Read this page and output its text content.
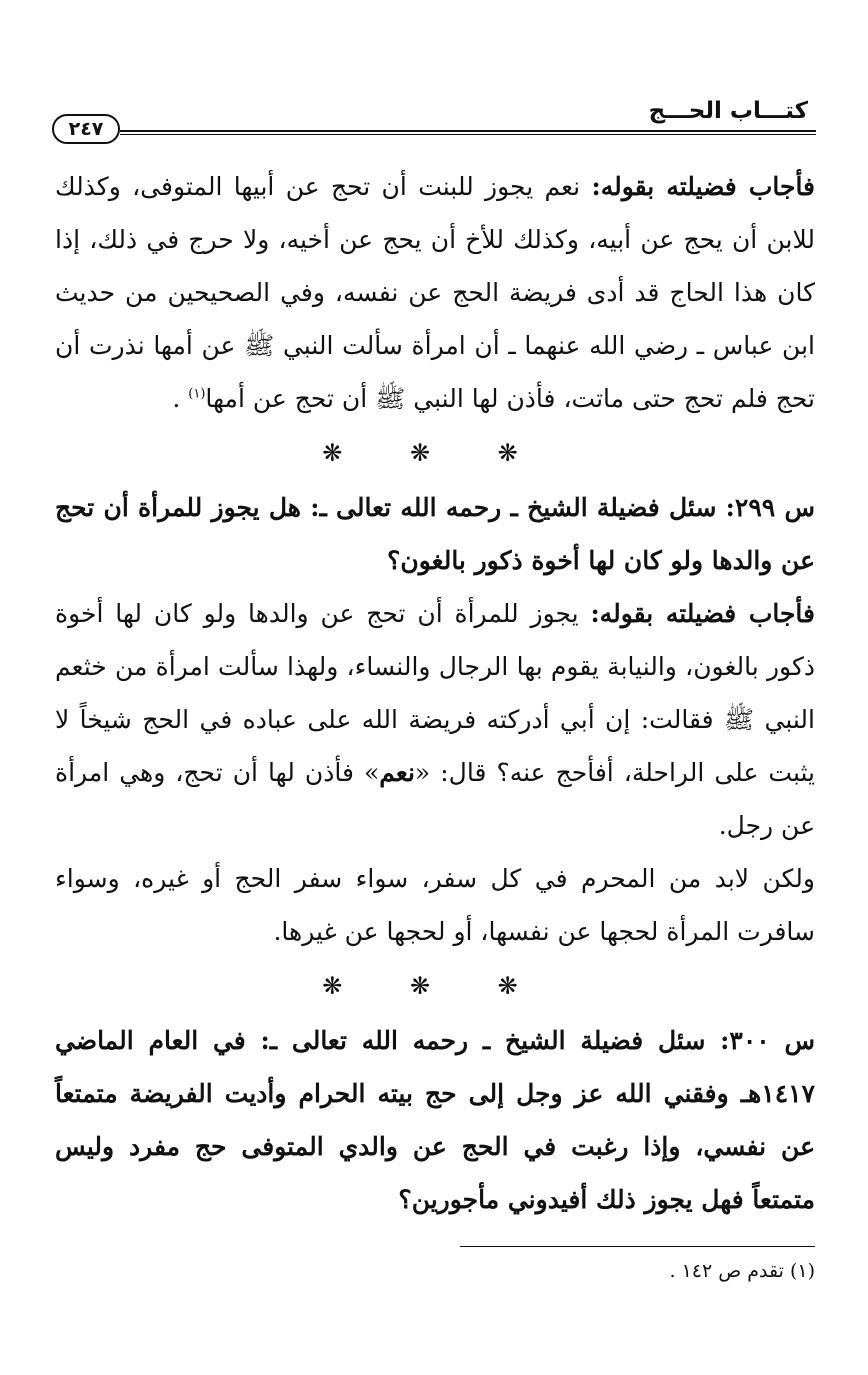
كتـــاب الحـــج
٢٤٧

فأجاب فضيلته بقوله: نعم يجوز للبنت أن تحج عن أبيها المتوفى، وكذلك للابن أن يحج عن أبيه، وكذلك للأخ أن يحج عن أخيه، ولا حرج في ذلك، إذا كان هذا الحاج قد أدى فريضة الحج عن نفسه، وفي الصحيحين من حديث ابن عباس ـ رضي الله عنهما ـ أن امرأة سألت النبي ﷺ عن أمها نذرت أن تحج فلم تحج حتى ماتت، فأذن لها النبي ﷺ أن تحج عن أمها$^{(١)}$ .

❋ ❋ ❋

س ٢٩٩: سئل فضيلة الشيخ ـ رحمه الله تعالى ـ: هل يجوز للمرأة أن تحج عن والدها ولو كان لها أخوة ذكور بالغون؟

فأجاب فضيلته بقوله: يجوز للمرأة أن تحج عن والدها ولو كان لها أخوة ذكور بالغون، والنيابة يقوم بها الرجال والنساء، ولهذا سألت امرأة من خثعم النبي ﷺ فقالت: إن أبي أدركته فريضة الله على عباده في الحج شيخاً لا يثبت على الراحلة، أفأحج عنه؟ قال: «نعم» فأذن لها أن تحج، وهي امرأة عن رجل.

ولكن لابد من المحرم في كل سفر، سواء سفر الحج أو غيره، وسواء سافرت المرأة لحجها عن نفسها، أو لحجها عن غيرها.

❋ ❋ ❋

س ٣٠٠: سئل فضيلة الشيخ ـ رحمه الله تعالى ـ: في العام الماضي ١٤١٧هـ وفقني الله عز وجل إلى حج بيته الحرام وأديت الفريضة متمتعاً عن نفسي، وإذا رغبت في الحج عن والدي المتوفى حج مفرد وليس متمتعاً فهل يجوز ذلك أفيدوني مأجورين؟

(١) تقدم ص ١٤٢ .
